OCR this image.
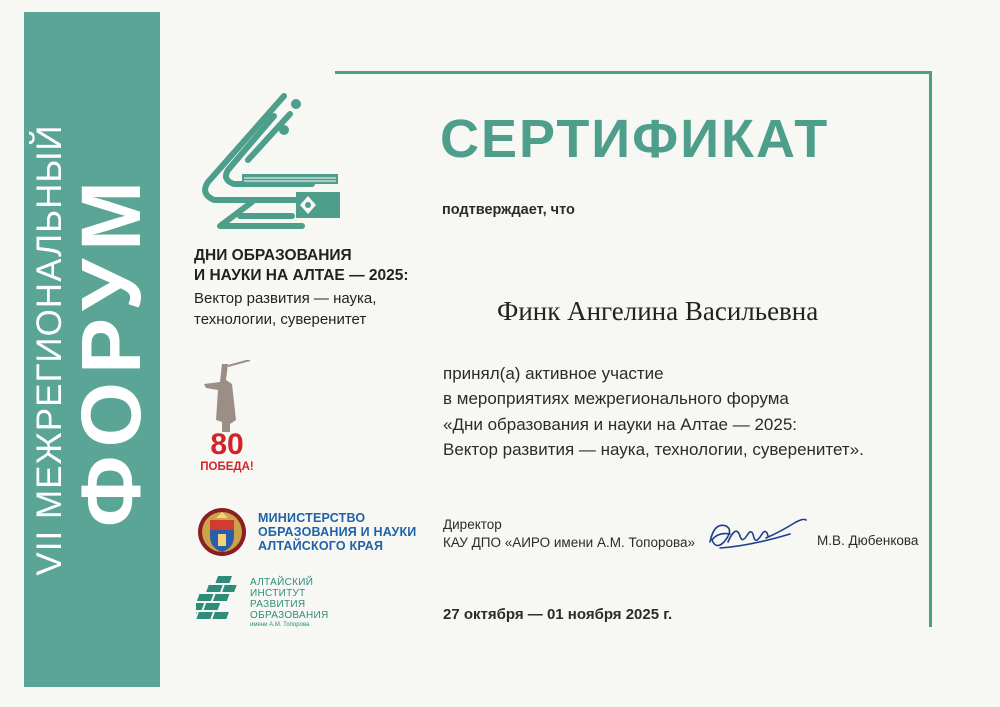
VII МЕЖРЕГИОНАЛЬНЫЙ
ФОРУМ ДНИ ОБРАЗОВАНИЯ
И НАУКИ НА АЛТАЕ — 2025:
Вектор развития — наука,
технологии, суверенитет
80
ПОБЕДА!
МИНИСТЕРСТВО
ОБРАЗОВАНИЯ И НАУКИ
АЛТАЙСКОГО КРАЯ
АЛТАЙСКИЙ
ИНСТИТУТ
РАЗВИТИЯ
ОБРАЗОВАНИЯ
имени А.М. Топорова
СЕРТИФИКАТ
подтверждает, что
Финк Ангелина Васильевна
принял(а) активное участие
в мероприятиях межрегионального форума
«Дни образования и науки на Алтае — 2025:
Вектор развития — наука, технологии, суверенитет».
Директор
КАУ ДПО «АИРО имени А.М. Топорова»	М.В. Дюбенкова
27 октября — 01 ноября 2025 г.
